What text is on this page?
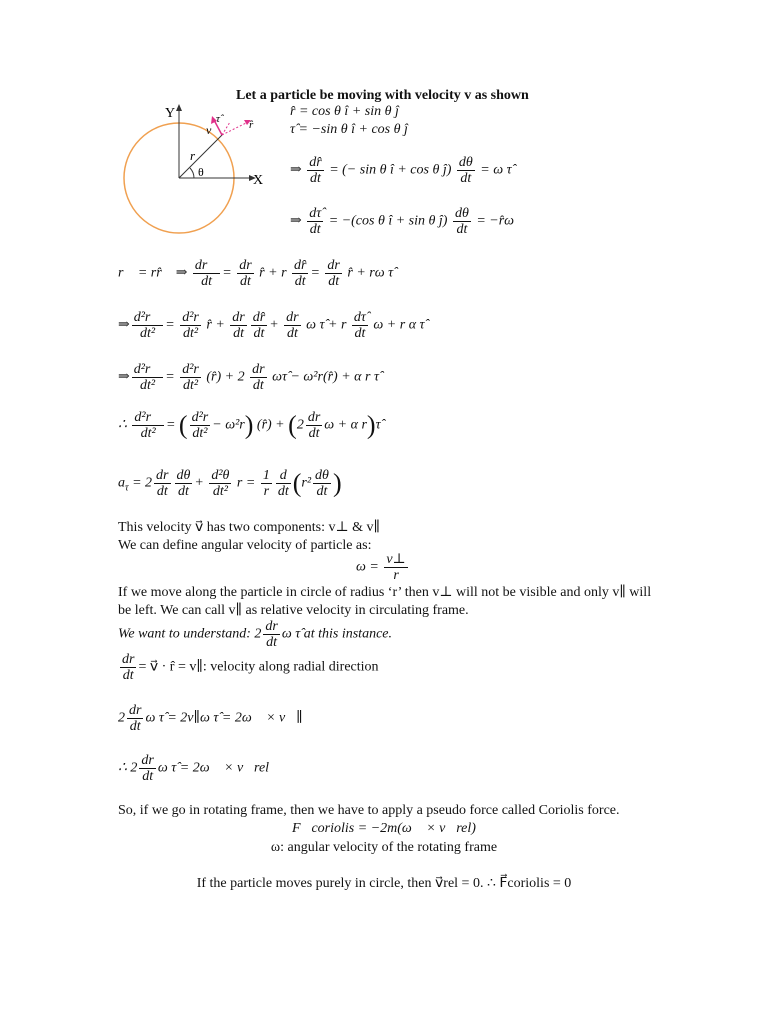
Let a particle be moving with velocity v as shown
Y
X
r
θ
v
τ̂	r̂
r̂ = cos θ î + sin θ ĵ
τ̂ = −sin θ î + cos θ ĵ
⇒ $\frac{dr̂}{dt}$ = (− sin θ î + cos θ ĵ) $\frac{d\theta}{dt} = \omega$ τ̂
⇒ $\frac{d\taû}{dt} = -(\cos$ θ î + sin θ ĵ) $\frac{d\theta}{dt}$ = −r̂ω
r⃗ = rr̂ ⇒ $\frac{dr⃗}{dt} = \frac{dr}{dt}$ r̂ + r $\frac{dr̂}{dt} = \frac{dr}{dt}$ r̂ + rω τ̂
⇒ $\frac{\text{d²r⃗}}{\text{dt²}} = \frac{\text{d²r}}{\text{dt²}}$ r̂ + $\frac{dr}{dt} \frac{dr̂}{dt} + \frac{dr}{dt}$ ω τ̂ + r $\frac{d\taû}{dt}$ ω + r α τ̂
⇒ $\frac{\text{d²r⃗}}{\text{dt²}} = \frac{\text{d²r}}{\text{dt²}}$ (r̂) + $2 \frac{dr}{dt}$ ωτ̂ − ω²r(r̂) + α r τ̂
∴ $\frac{\text{d²r⃗}}{\text{dt²}}$ = ( $\frac{\text{d²r}}{\text{dt²}} - \omega^2r$) (r̂) + ($2 \frac{dr}{dt}$ ω + α r)τ̂
$a_\tau = 2 \frac{dr}{dt} \frac{d\theta}{dt} + \frac{\text{d²θ}}{\text{dt²}}$ $r = \frac{1}{r} \frac{d}{dt} (r^2 \frac{d\theta}{dt}$ )
This velocity v⃗ has two components: v⊥ & v∥
We can define angular velocity of particle as:
$\omega = \frac{v\perp}{r}$
If we move along the particle in circle of radius ‘r’ then v⊥ will not be visible and only v∥ will
be left. We can call v∥ as relative velocity in circulating frame.
We want to understand: $2 \frac{dr}{dt}$ ω τ̂ at this instance.
$\frac{dr}{dt}$ = v⃗ · r̂ = v∥: velocity along radial direction
$2 \frac{dr}{dt}$ ω τ̂ = 2v∥ω τ̂ = 2ω⃗ × v⃗∥
∴ $2 \frac{dr}{dt}$ ω τ̂ = 2ω⃗ × v⃗rel
So, if we go in rotating frame, then we have to apply a pseudo force called Coriolis force.
F⃗coriolis = −2m(ω⃗ × v⃗rel)
ω: angular velocity of the rotating frame
If the particle moves purely in circle, then v⃗rel = 0. ∴ F⃗coriolis = 0
